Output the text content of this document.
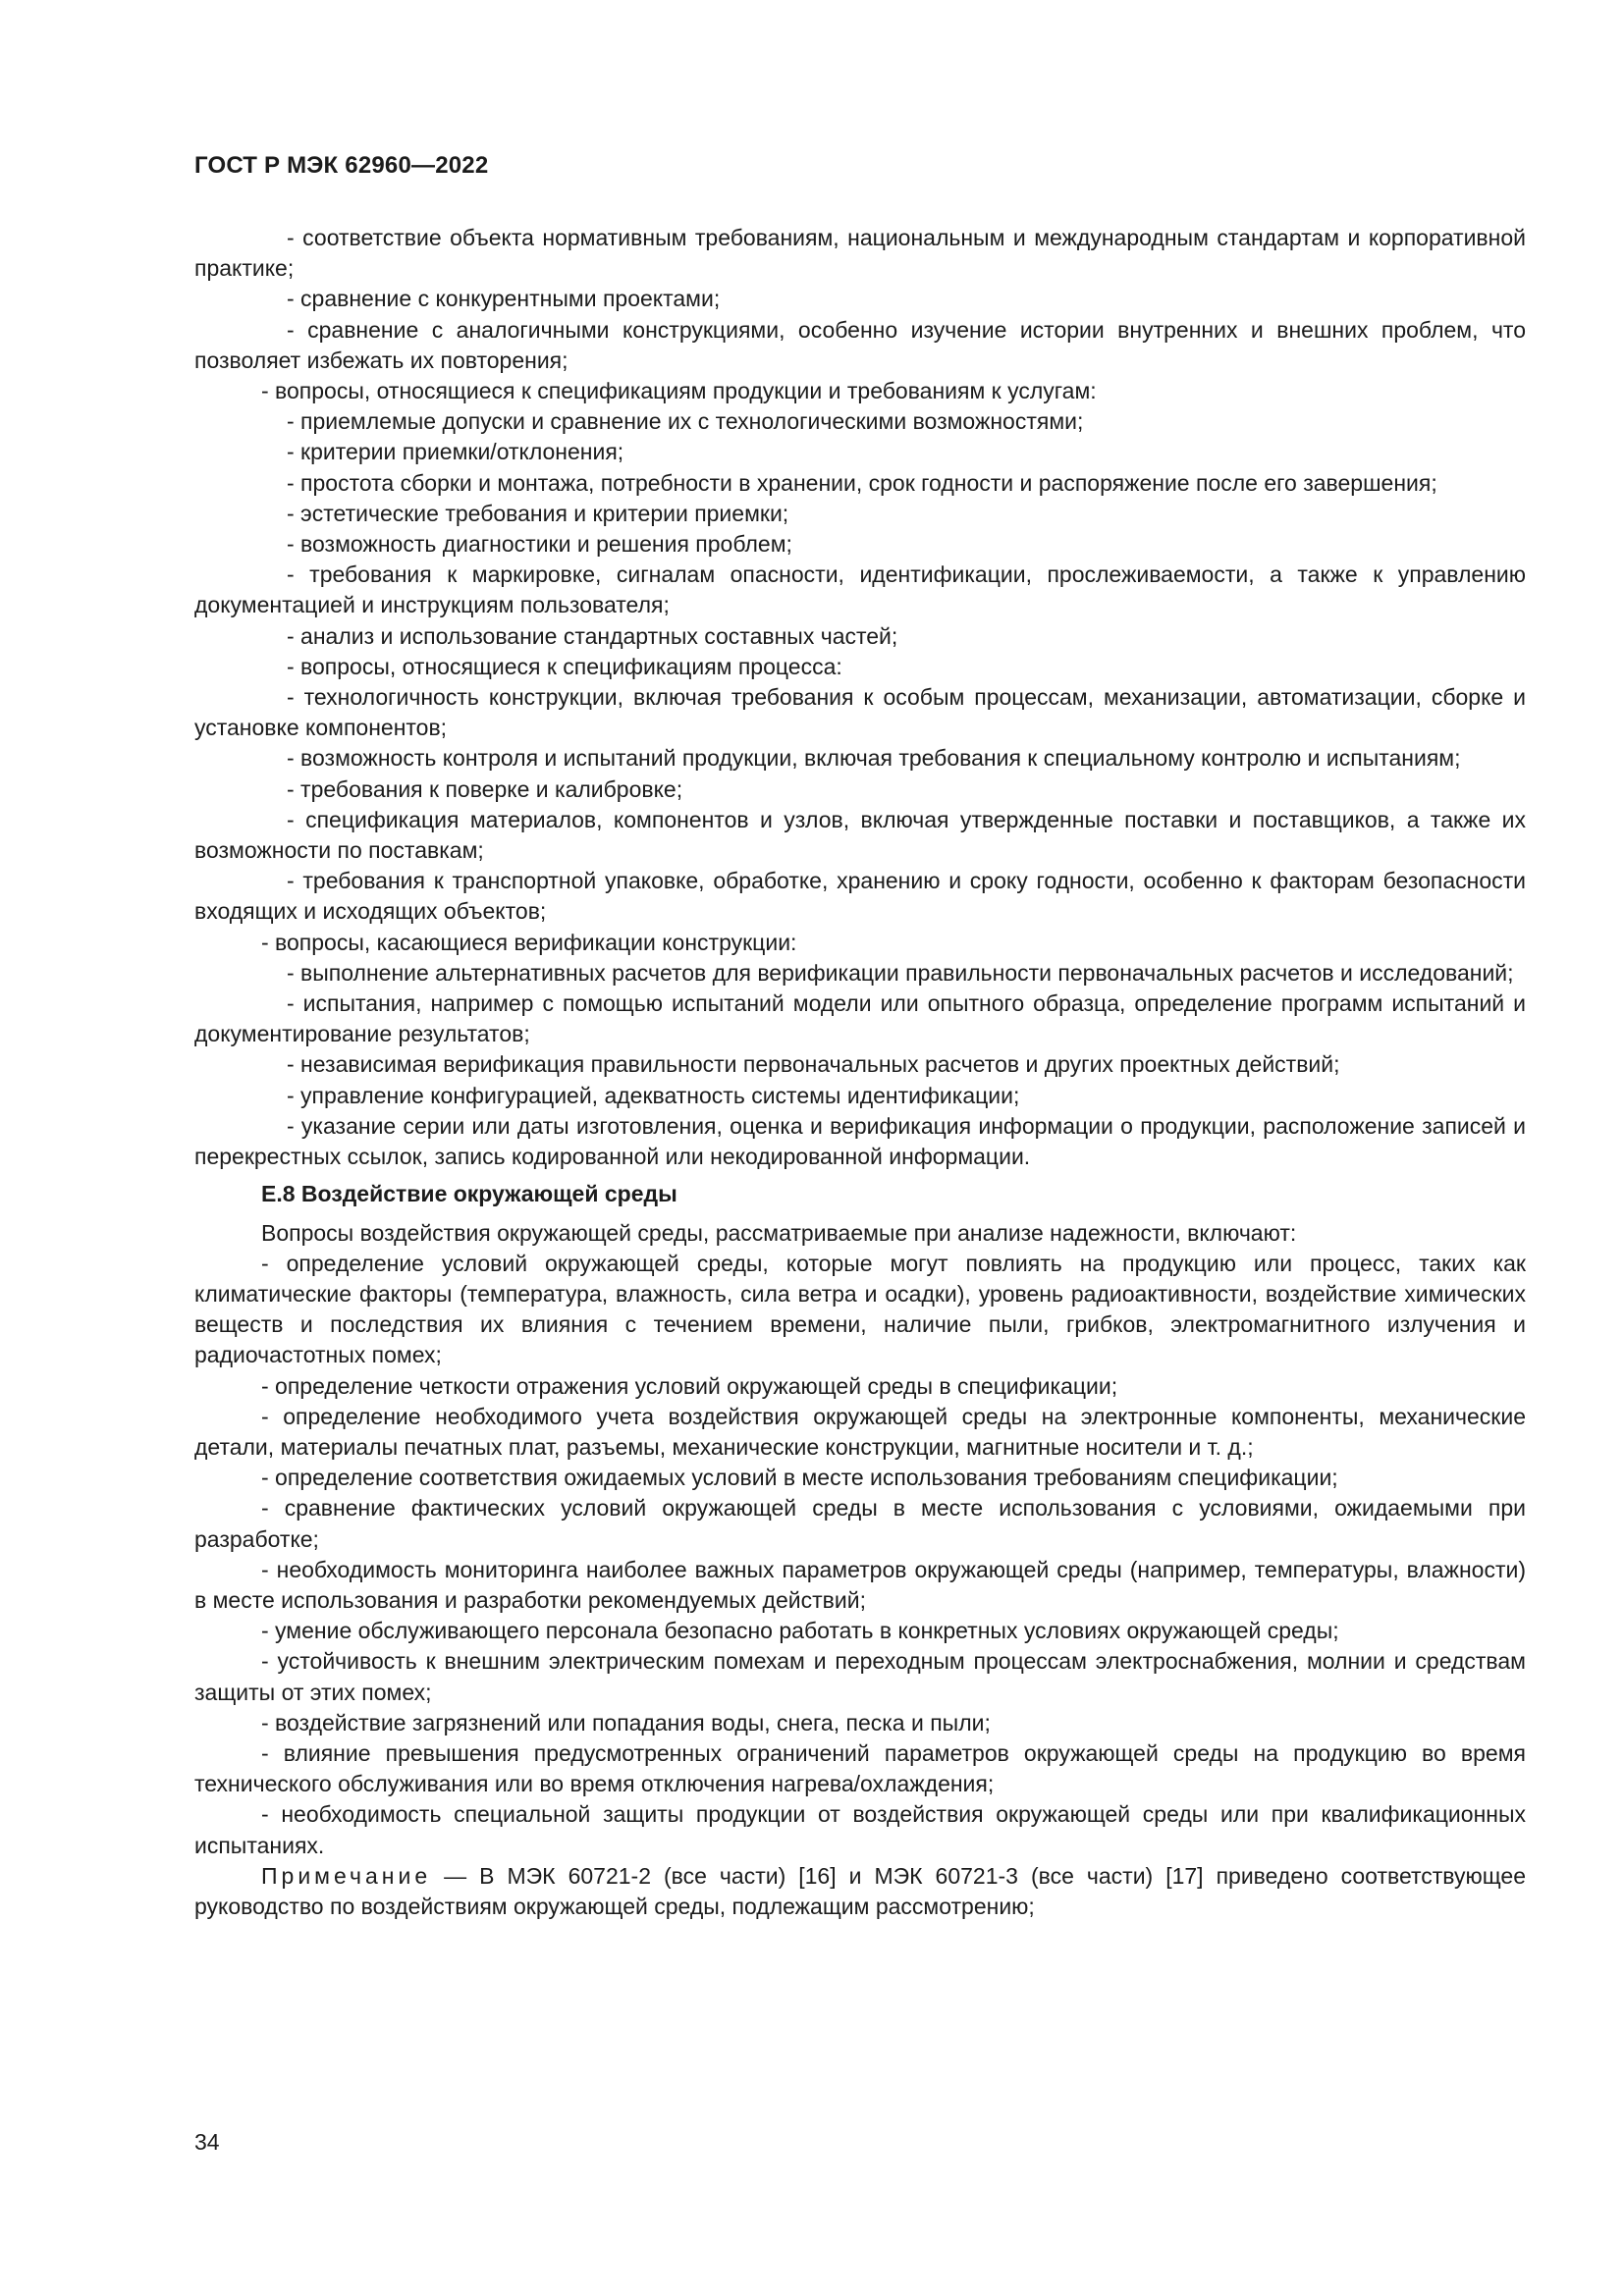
ГОСТ Р МЭК 62960—2022

- соответствие объекта нормативным требованиям, национальным и международным стандартам и корпоративной практике;

- сравнение с конкурентными проектами;

- сравнение с аналогичными конструкциями, особенно изучение истории внутренних и внешних проблем, что позволяет избежать их повторения;

- вопросы, относящиеся к спецификациям продукции и требованиям к услугам:

- приемлемые допуски и сравнение их с технологическими возможностями;

- критерии приемки/отклонения;

- простота сборки и монтажа, потребности в хранении, срок годности и распоряжение после его завершения;

- эстетические требования и критерии приемки;

- возможность диагностики и решения проблем;

- требования к маркировке, сигналам опасности, идентификации, прослеживаемости, а также к управлению документацией и инструкциям пользователя;

- анализ и использование стандартных составных частей;

- вопросы, относящиеся к спецификациям процесса:

- технологичность конструкции, включая требования к особым процессам, механизации, автоматизации, сборке и установке компонентов;

- возможность контроля и испытаний продукции, включая требования к специальному контролю и испытаниям;

- требования к поверке и калибровке;

- спецификация материалов, компонентов и узлов, включая утвержденные поставки и поставщиков, а также их возможности по поставкам;

- требования к транспортной упаковке, обработке, хранению и сроку годности, особенно к факторам безопасности входящих и исходящих объектов;

- вопросы, касающиеся верификации конструкции:

- выполнение альтернативных расчетов для верификации правильности первоначальных расчетов и исследований;

- испытания, например с помощью испытаний модели или опытного образца, определение программ испытаний и документирование результатов;

- независимая верификация правильности первоначальных расчетов и других проектных действий;

- управление конфигурацией, адекватность системы идентификации;

- указание серии или даты изготовления, оценка и верификация информации о продукции, расположение записей и перекрестных ссылок, запись кодированной или некодированной информации.

Е.8 Воздействие окружающей среды

Вопросы воздействия окружающей среды, рассматриваемые при анализе надежности, включают:

- определение условий окружающей среды, которые могут повлиять на продукцию или процесс, таких как климатические факторы (температура, влажность, сила ветра и осадки), уровень радиоактивности, воздействие химических веществ и последствия их влияния с течением времени, наличие пыли, грибков, электромагнитного излучения и радиочастотных помех;

- определение четкости отражения условий окружающей среды в спецификации;

- определение необходимого учета воздействия окружающей среды на электронные компоненты, механические детали, материалы печатных плат, разъемы, механические конструкции, магнитные носители и т. д.;

- определение соответствия ожидаемых условий в месте использования требованиям спецификации;

- сравнение фактических условий окружающей среды в месте использования с условиями, ожидаемыми при разработке;

- необходимость мониторинга наиболее важных параметров окружающей среды (например, температуры, влажности) в месте использования и разработки рекомендуемых действий;

- умение обслуживающего персонала безопасно работать в конкретных условиях окружающей среды;

- устойчивость к внешним электрическим помехам и переходным процессам электроснабжения, молнии и средствам защиты от этих помех;

- воздействие загрязнений или попадания воды, снега, песка и пыли;

- влияние превышения предусмотренных ограничений параметров окружающей среды на продукцию во время технического обслуживания или во время отключения нагрева/охлаждения;

- необходимость специальной защиты продукции от воздействия окружающей среды или при квалификационных испытаниях.

Примечание — В МЭК 60721-2 (все части) [16] и МЭК 60721-3 (все части) [17] приведено соответствующее руководство по воздействиям окружающей среды, подлежащим рассмотрению;

34
